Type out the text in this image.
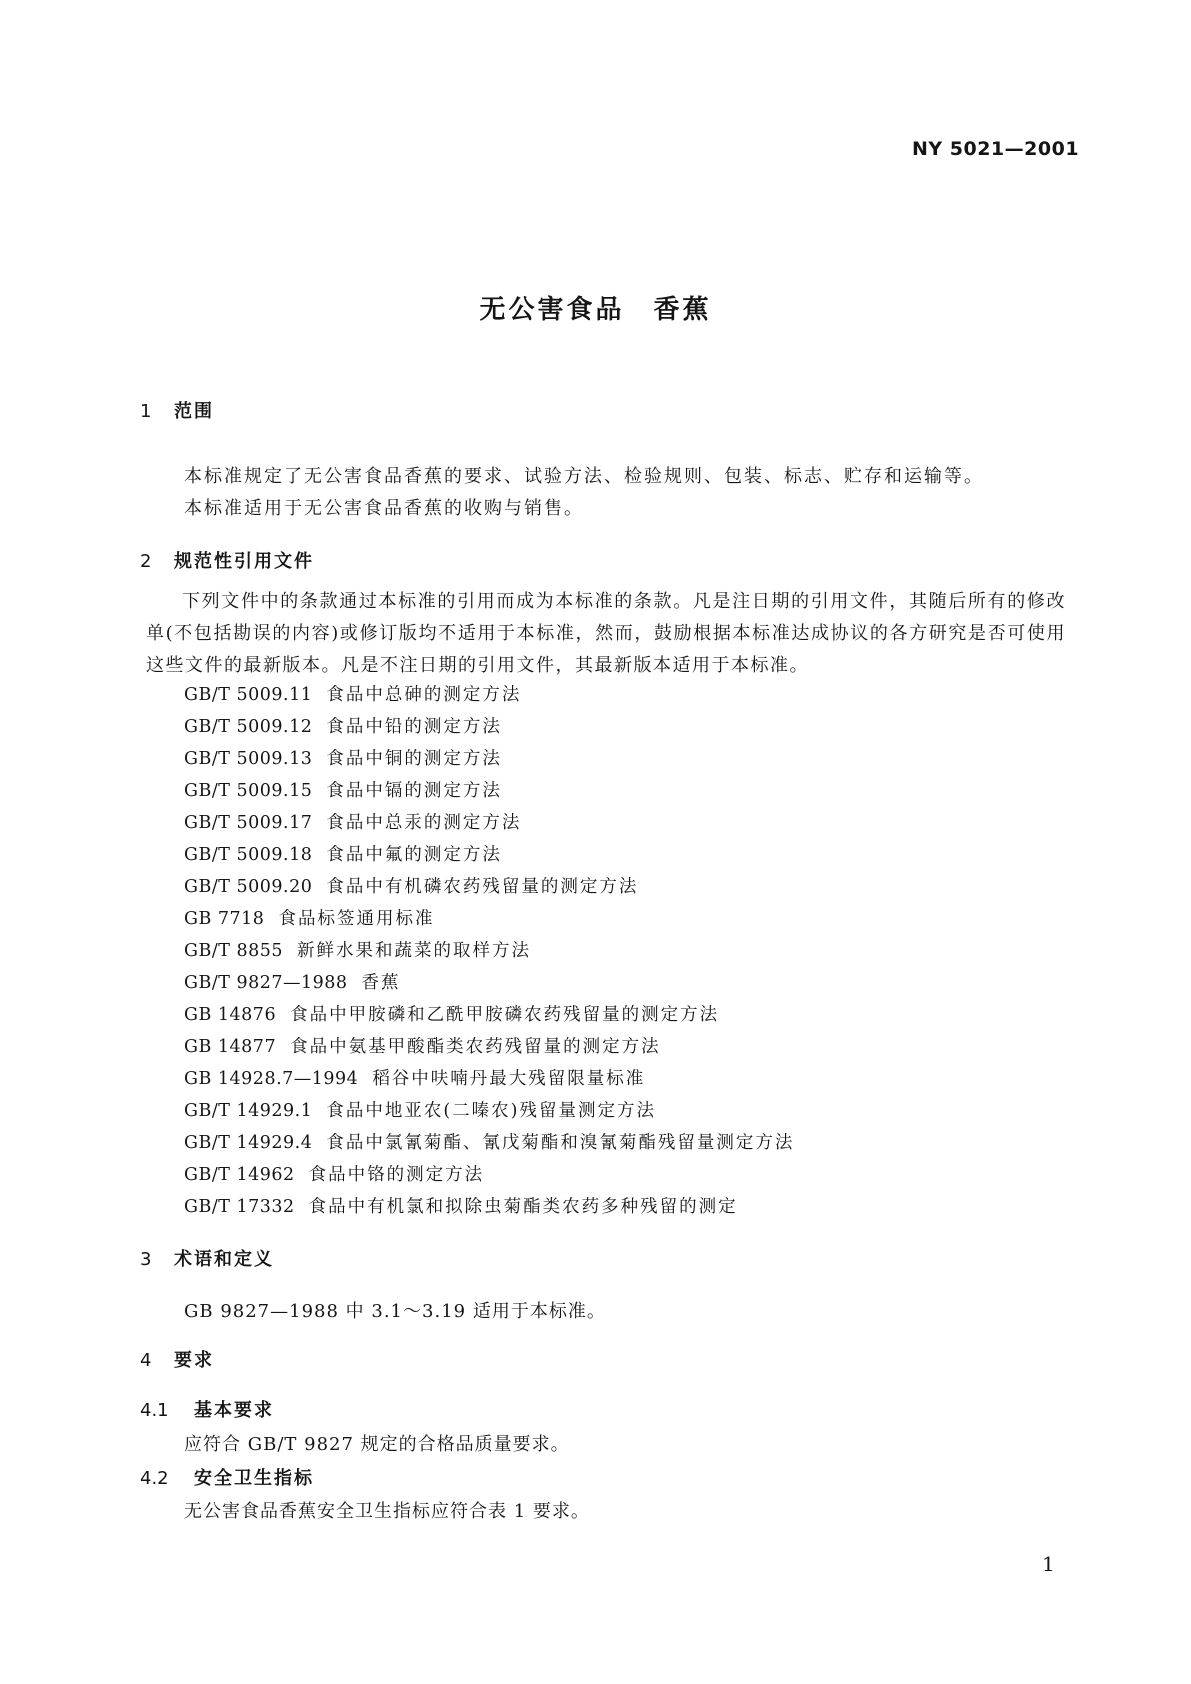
NY 5021—2001
无公害食品　香蕉
1 范围
本标准规定了无公害食品香蕉的要求、试验方法、检验规则、包装、标志、贮存和运输等。
本标准适用于无公害食品香蕉的收购与销售。
2 规范性引用文件
下列文件中的条款通过本标准的引用而成为本标准的条款。凡是注日期的引用文件，其随后所有的修改单(不包括勘误的内容)或修订版均不适用于本标准，然而，鼓励根据本标准达成协议的各方研究是否可使用这些文件的最新版本。凡是不注日期的引用文件，其最新版本适用于本标准。
GB/T 5009.11 食品中总砷的测定方法
GB/T 5009.12 食品中铅的测定方法
GB/T 5009.13 食品中铜的测定方法
GB/T 5009.15 食品中镉的测定方法
GB/T 5009.17 食品中总汞的测定方法
GB/T 5009.18 食品中氟的测定方法
GB/T 5009.20 食品中有机磷农药残留量的测定方法
GB 7718 食品标签通用标准
GB/T 8855 新鲜水果和蔬菜的取样方法
GB/T 9827—1988 香蕉
GB 14876 食品中甲胺磷和乙酰甲胺磷农药残留量的测定方法
GB 14877 食品中氨基甲酸酯类农药残留量的测定方法
GB 14928.7—1994 稻谷中呋喃丹最大残留限量标准
GB/T 14929.1 食品中地亚农(二嗪农)残留量测定方法
GB/T 14929.4 食品中氯氰菊酯、氰戊菊酯和溴氰菊酯残留量测定方法
GB/T 14962 食品中铬的测定方法
GB/T 17332 食品中有机氯和拟除虫菊酯类农药多种残留的测定
3 术语和定义
GB 9827—1988 中 3.1～3.19 适用于本标准。
4 要求
4.1 基本要求
应符合 GB/T 9827 规定的合格品质量要求。
4.2 安全卫生指标
无公害食品香蕉安全卫生指标应符合表 1 要求。
1
